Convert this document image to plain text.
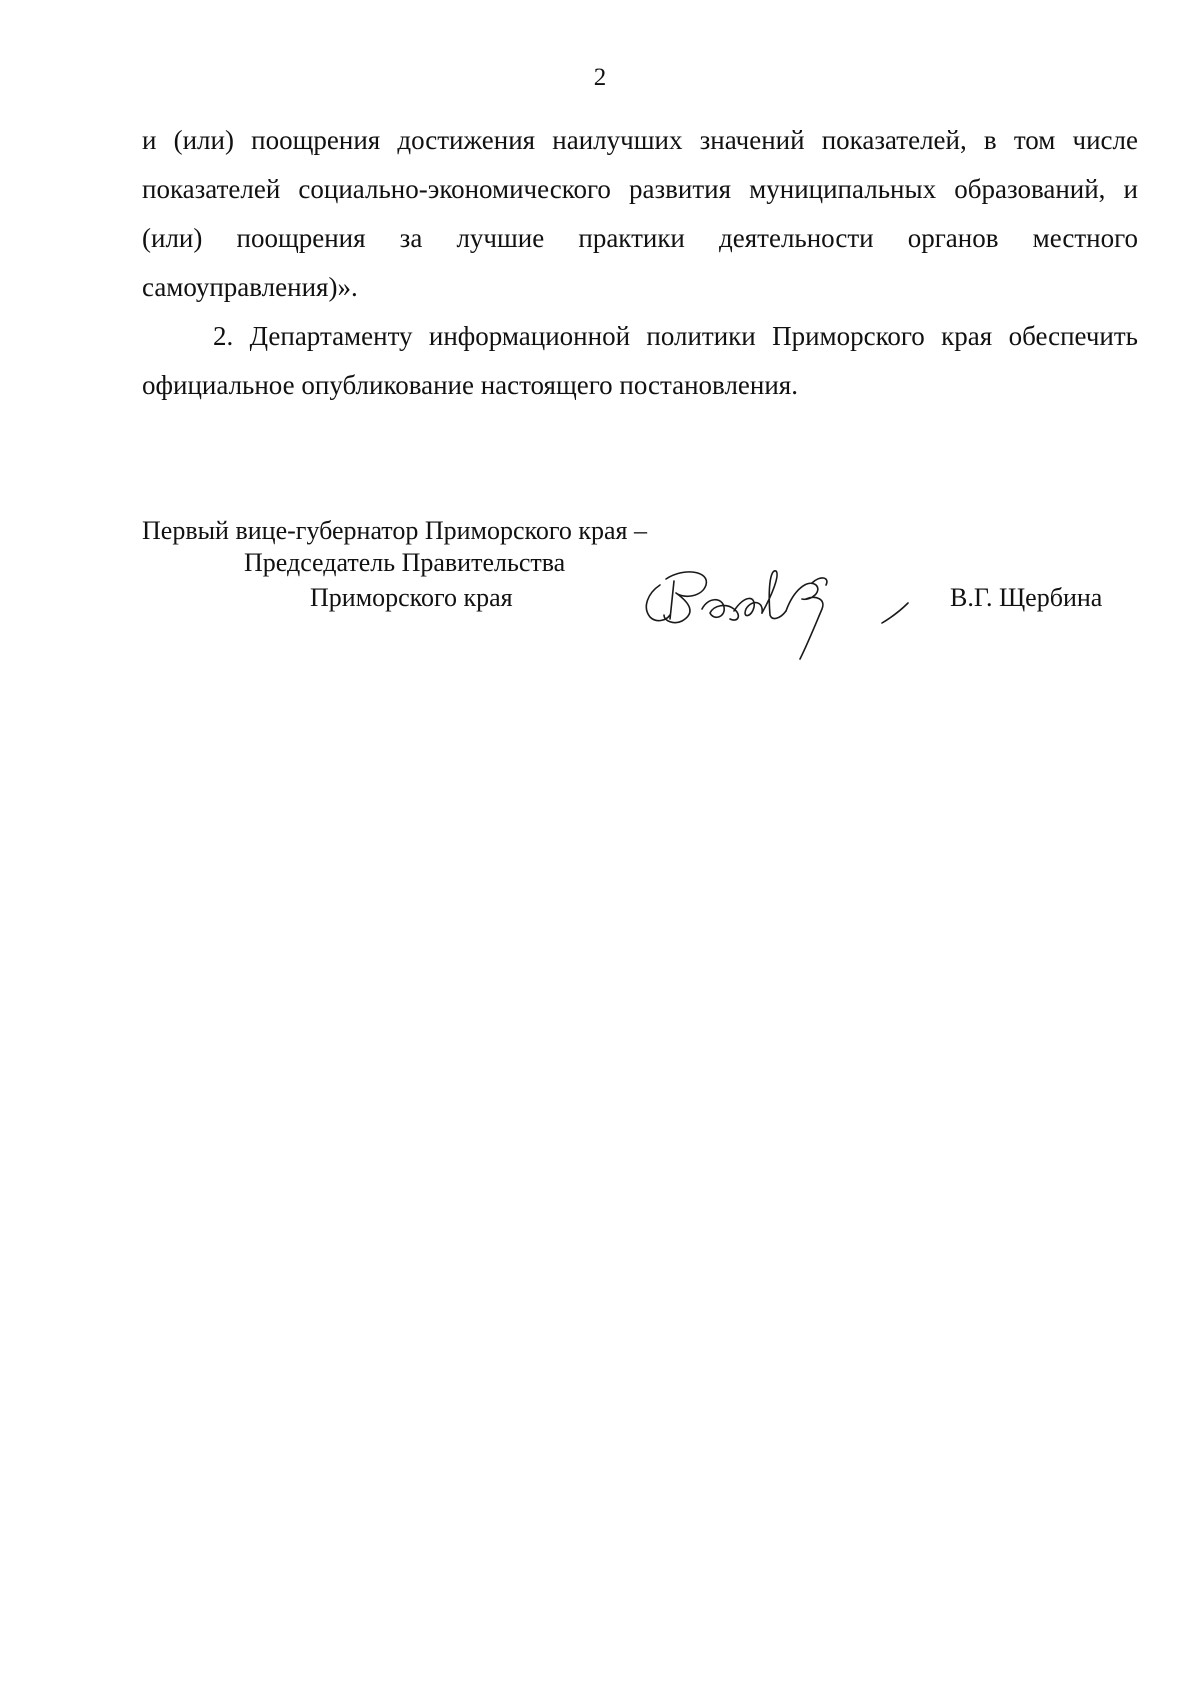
2

и (или) поощрения достижения наилучших значений показателей, в том числе показателей социально-экономического развития муниципальных образований, и (или) поощрения за лучшие практики деятельности органов местного самоуправления)».

2. Департаменту информационной политики Приморского края обеспечить официальное опубликование настоящего постановления.

Первый вице-губернатор Приморского края –
Председатель Правительства
Приморского края	В.Г. Щербина
